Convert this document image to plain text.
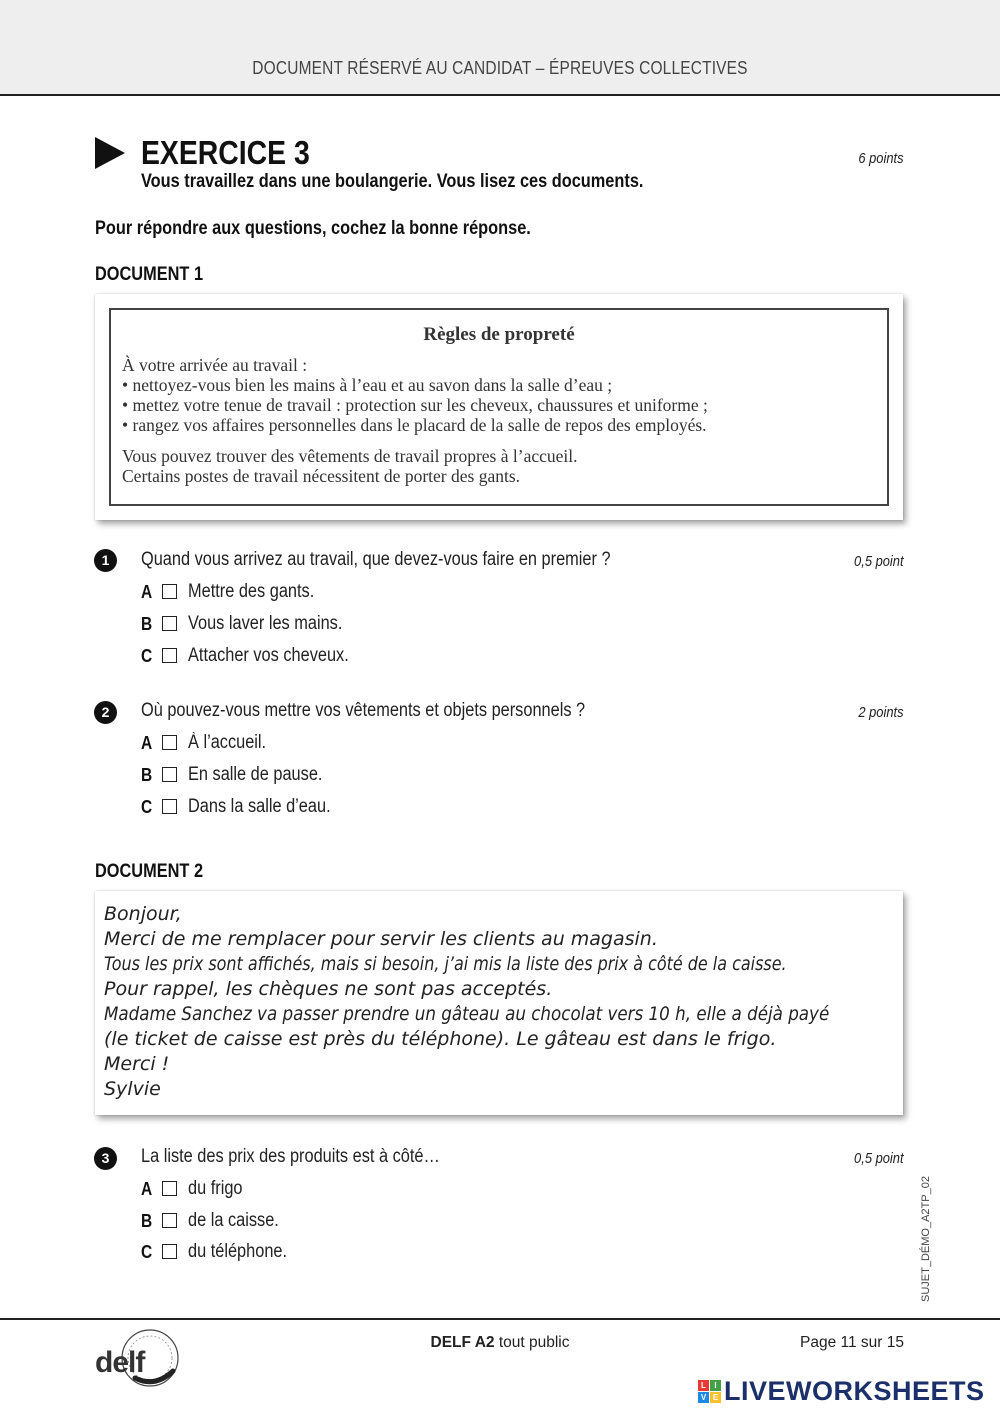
DOCUMENT RÉSERVÉ AU CANDIDAT – ÉPREUVES COLLECTIVES
EXERCICE 3	6 points
Vous travaillez dans une boulangerie. Vous lisez ces documents.
Pour répondre aux questions, cochez la bonne réponse.
DOCUMENT 1
Règles de propreté
À votre arrivée au travail :
• nettoyez-vous bien les mains à l’eau et au savon dans la salle d’eau ;
• mettez votre tenue de travail : protection sur les cheveux, chaussures et uniforme ;
• rangez vos affaires personnelles dans le placard de la salle de repos des employés.
Vous pouvez trouver des vêtements de travail propres à l’accueil.
Certains postes de travail nécessitent de porter des gants.
1	Quand vous arrivez au travail, que devez-vous faire en premier ?	0,5 point
A Mettre des gants.
B Vous laver les mains.
C Attacher vos cheveux.
2	Où pouvez-vous mettre vos vêtements et objets personnels ?	2 points
A À l’accueil.
B En salle de pause.
C Dans la salle d’eau.
DOCUMENT 2
Bonjour,
Merci de me remplacer pour servir les clients au magasin.
Tous les prix sont affichés, mais si besoin, j’ai mis la liste des prix à côté de la caisse.
Pour rappel, les chèques ne sont pas acceptés.
Madame Sanchez va passer prendre un gâteau au chocolat vers 10 h, elle a déjà payé
(le ticket de caisse est près du téléphone). Le gâteau est dans le frigo.
Merci !
Sylvie
3	La liste des prix des produits est à côté…	0,5 point
A du frigo
B de la caisse.
C du téléphone.	SUJET_DÉMO_A2TP_02
DELF A2 tout public	Page 11 sur 15
delf
L	I
V E LIVEWORKSHEETS
